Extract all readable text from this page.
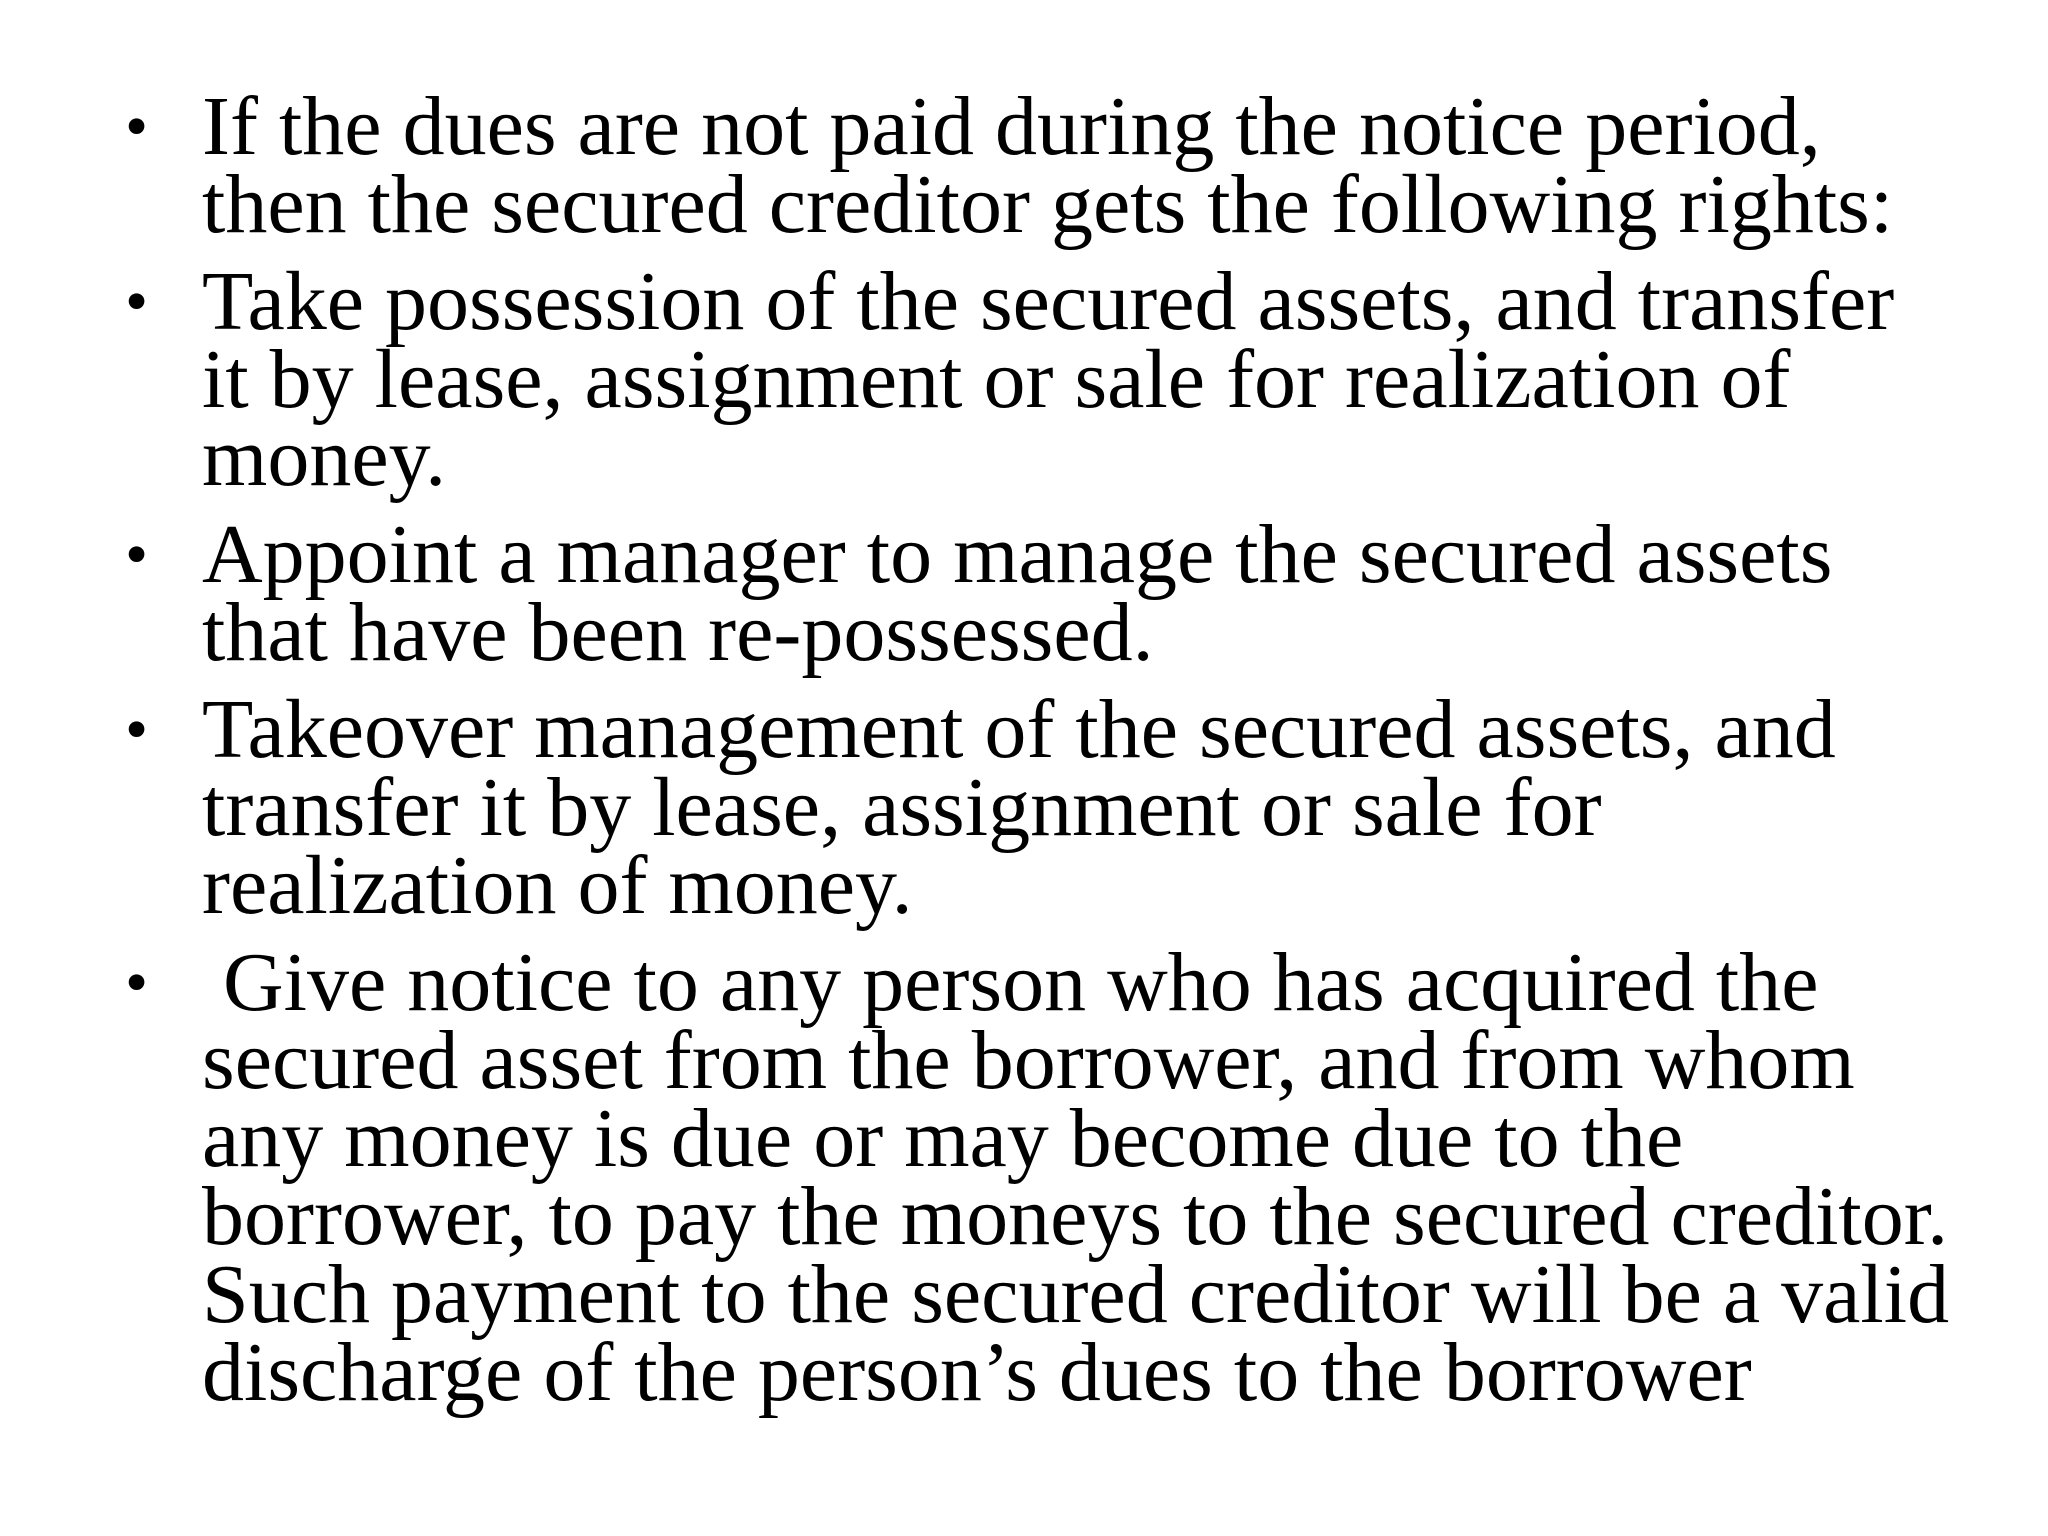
• If the dues are not paid during the notice period, then the secured creditor gets the following rights:
• Take possession of the secured assets, and transfer it by lease, assignment or sale for realization of money.
• Appoint a manager to manage the secured assets that have been re-possessed.
• Takeover management of the secured assets, and transfer it by lease, assignment or sale for realization of money.
• Give notice to any person who has acquired the secured asset from the borrower, and from whom any money is due or may become due to the borrower, to pay the moneys to the secured creditor. Such payment to the secured creditor will be a valid discharge of the person’s dues to the borrower
